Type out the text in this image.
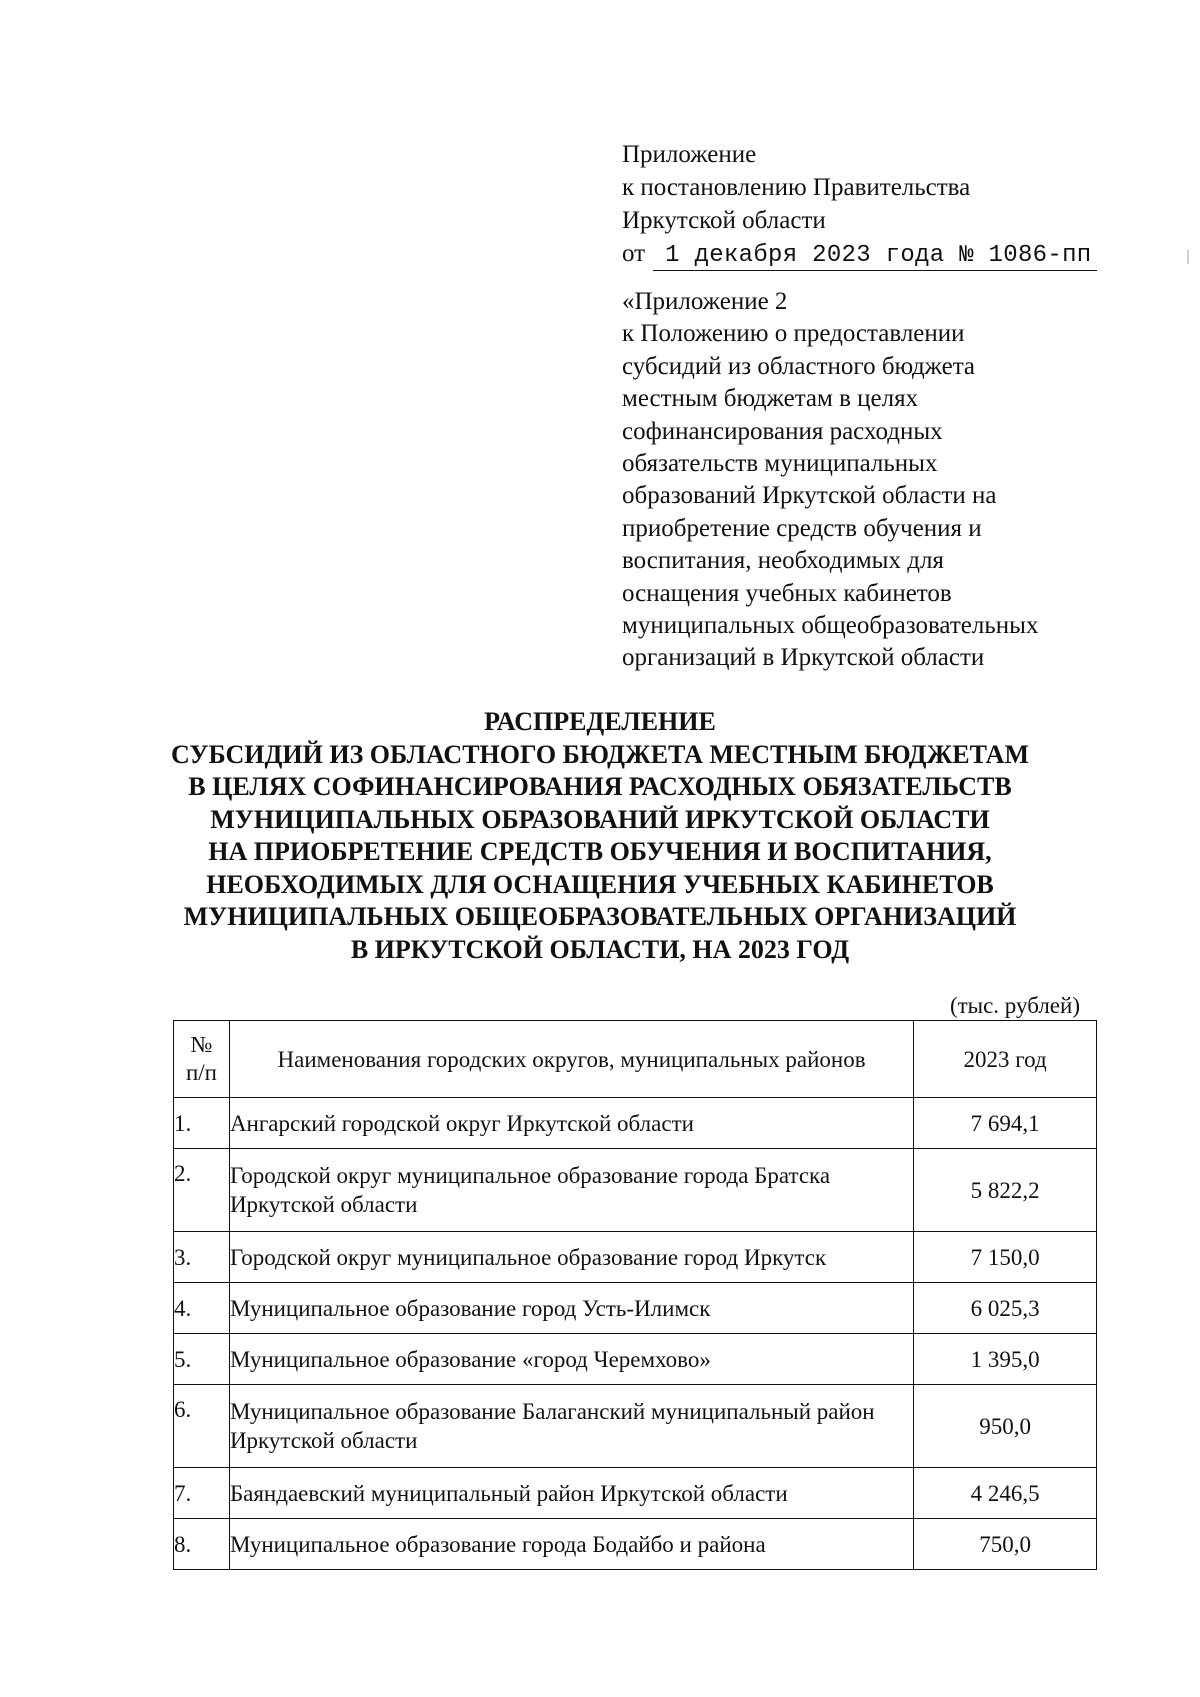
Приложение
к постановлению Правительства
Иркутской области
от 1 декабря 2023 года № 1086-пп
«Приложение 2
к Положению о предоставлении
субсидий из областного бюджета
местным бюджетам в целях
софинансирования расходных
обязательств муниципальных
образований Иркутской области на
приобретение средств обучения и
воспитания, необходимых для
оснащения учебных кабинетов
муниципальных общеобразовательных
организаций в Иркутской области
РАСПРЕДЕЛЕНИЕ
СУБСИДИЙ ИЗ ОБЛАСТНОГО БЮДЖЕТА МЕСТНЫМ БЮДЖЕТАМ
В ЦЕЛЯХ СОФИНАНСИРОВАНИЯ РАСХОДНЫХ ОБЯЗАТЕЛЬСТВ
МУНИЦИПАЛЬНЫХ ОБРАЗОВАНИЙ ИРКУТСКОЙ ОБЛАСТИ
НА ПРИОБРЕТЕНИЕ СРЕДСТВ ОБУЧЕНИЯ И ВОСПИТАНИЯ,
НЕОБХОДИМЫХ ДЛЯ ОСНАЩЕНИЯ УЧЕБНЫХ КАБИНЕТОВ
МУНИЦИПАЛЬНЫХ ОБЩЕОБРАЗОВАТЕЛЬНЫХ ОРГАНИЗАЦИЙ
В ИРКУТСКОЙ ОБЛАСТИ, НА 2023 ГОД
(тыс. рублей)
№
п/п	Наименования городских округов, муниципальных районов	2023 год
1.	Ангарский городской округ Иркутской области	7 694,1
2.	Городской округ муниципальное образование города Братска Иркутской области	5 822,2
3.	Городской округ муниципальное образование город Иркутск	7 150,0
4.	Муниципальное образование город Усть-Илимск	6 025,3
5.	Муниципальное образование «город Черемхово»	1 395,0
6.	Муниципальное образование Балаганский муниципальный район Иркутской области	950,0
7.	Баяндаевский муниципальный район Иркутской области	4 246,5
8.	Муниципальное образование города Бодайбо и района	750,0
